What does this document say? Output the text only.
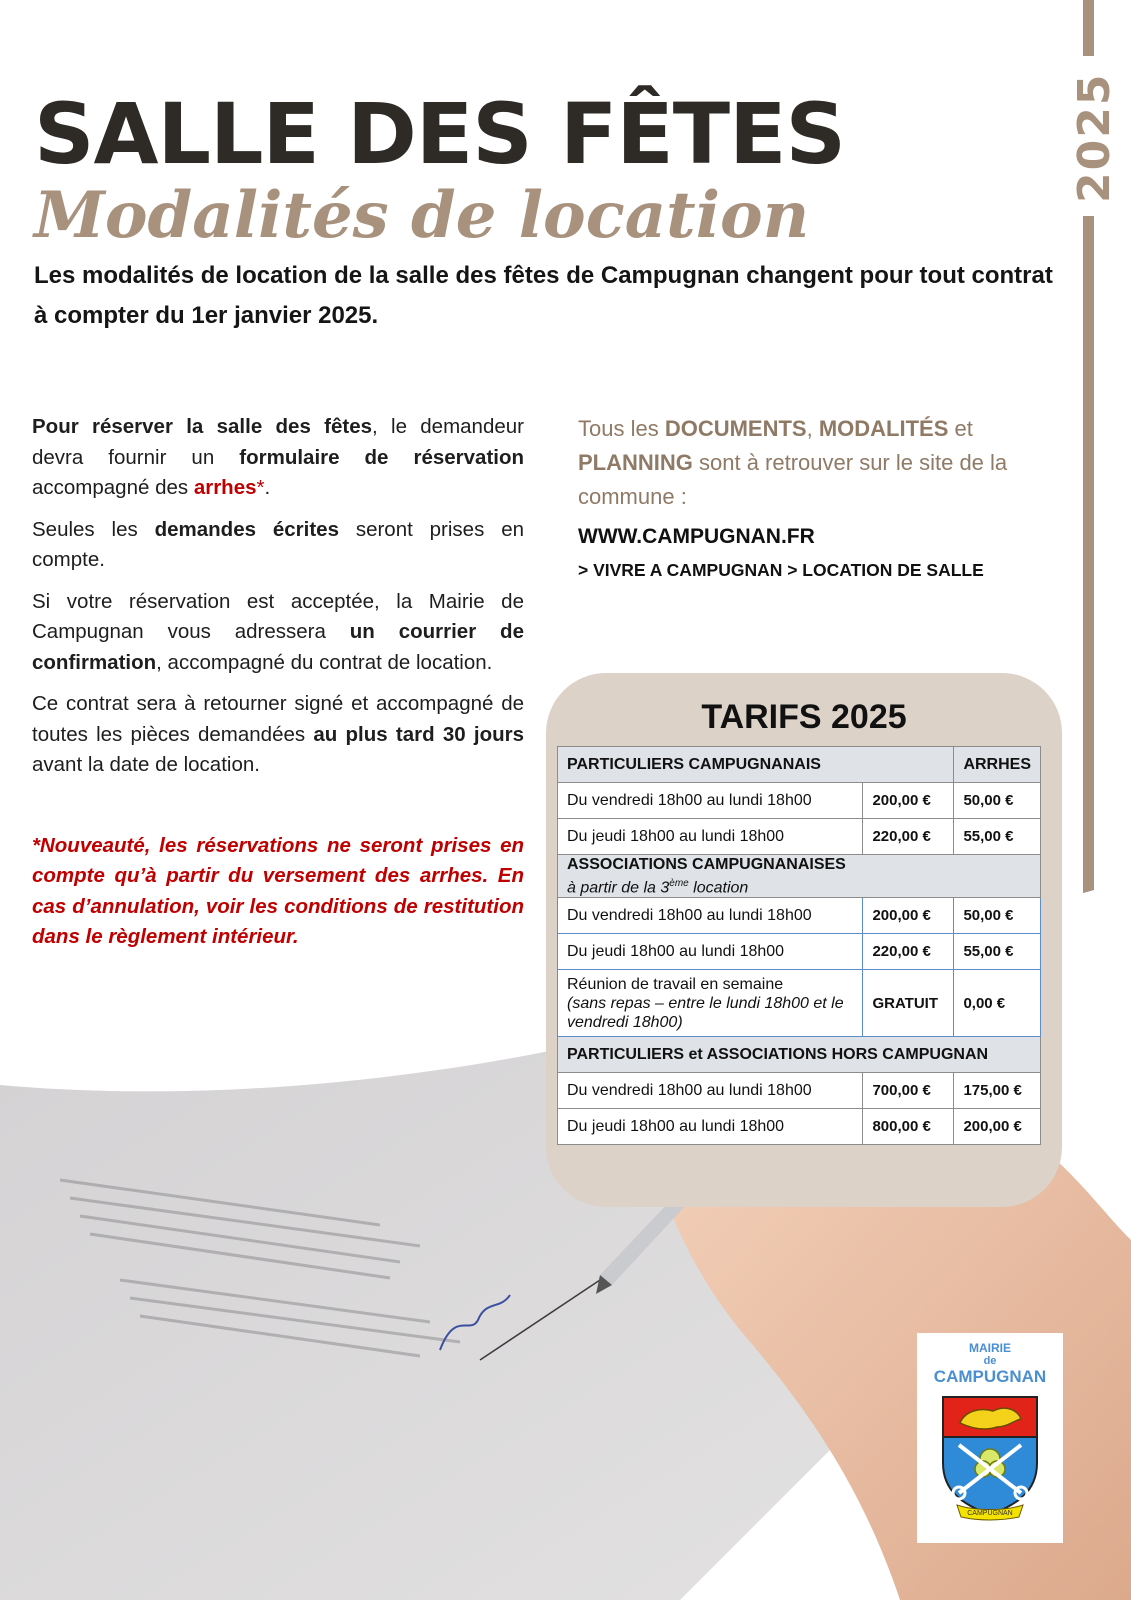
2025
SALLE DES FÊTES
Modalités de location

Les modalités de location de la salle des fêtes de Campugnan changent pour tout contrat à compter du 1er janvier 2025.

Pour réserver la salle des fêtes, le demandeur devra fournir un formulaire de réservation accompagné des arrhes*.

Seules les demandes écrites seront prises en compte.

Si votre réservation est acceptée, la Mairie de Campugnan vous adressera un courrier de confirmation, accompagné du contrat de location.

Ce contrat sera à retourner signé et accompagné de toutes les pièces demandées au plus tard 30 jours avant la date de location.

*Nouveauté, les réservations ne seront prises en compte qu’à partir du versement des arrhes. En cas d’annulation, voir les conditions de restitution dans le règlement intérieur.

Tous les DOCUMENTS, MODALITÉS et PLANNING sont à retrouver sur le site de la commune :

WWW.CAMPUGNAN.FR
> VIVRE A CAMPUGNAN > LOCATION DE SALLE
TARIFS 2025
PARTICULIERS CAMPUGNANAIS		ARRHES
Du vendredi 18h00 au lundi 18h00	200,00 €	50,00 €
Du jeudi 18h00 au lundi 18h00	220,00 €	55,00 €
ASSOCIATIONS CAMPUGNANAISES
à partir de la 3ème location		
Du vendredi 18h00 au lundi 18h00	200,00 €	50,00 €
Du jeudi 18h00 au lundi 18h00	220,00 €	55,00 €
Réunion de travail en semaine
(sans repas – entre le lundi 18h00 et le vendredi 18h00)	GRATUIT	0,00 €
PARTICULIERS et ASSOCIATIONS HORS CAMPUGNAN		
Du vendredi 18h00 au lundi 18h00	700,00 €	175,00 €
Du jeudi 18h00 au lundi 18h00	800,00 €	200,00 €
MAIRIE
de
CAMPUGNAN
CAMPUGNAN
